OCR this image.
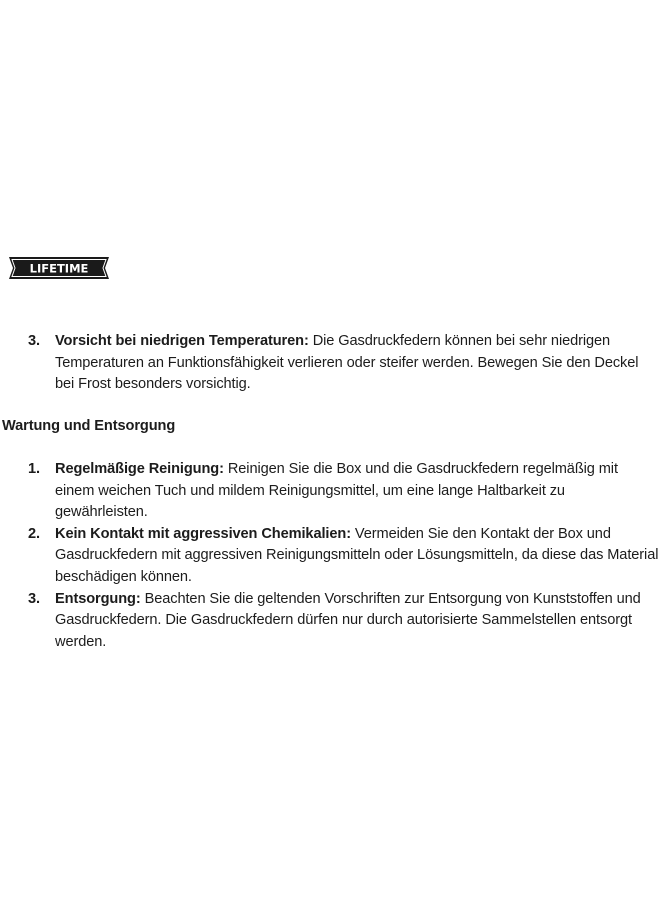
LIFETIME
3. Vorsicht bei niedrigen Temperaturen: Die Gasdruckfedern können bei sehr niedrigen Temperaturen an Funktionsfähigkeit verlieren oder steifer werden. Bewegen Sie den Deckel bei Frost besonders vorsichtig.
Wartung und Entsorgung
1. Regelmäßige Reinigung: Reinigen Sie die Box und die Gasdruckfedern regelmäßig mit einem weichen Tuch und mildem Reinigungsmittel, um eine lange Haltbarkeit zu gewährleisten.
2. Kein Kontakt mit aggressiven Chemikalien: Vermeiden Sie den Kontakt der Box und Gasdruckfedern mit aggressiven Reinigungsmitteln oder Lösungsmitteln, da diese das Material beschädigen können.
3. Entsorgung: Beachten Sie die geltenden Vorschriften zur Entsorgung von Kunststoffen und Gasdruckfedern. Die Gasdruckfedern dürfen nur durch autorisierte Sammelstellen entsorgt werden.
